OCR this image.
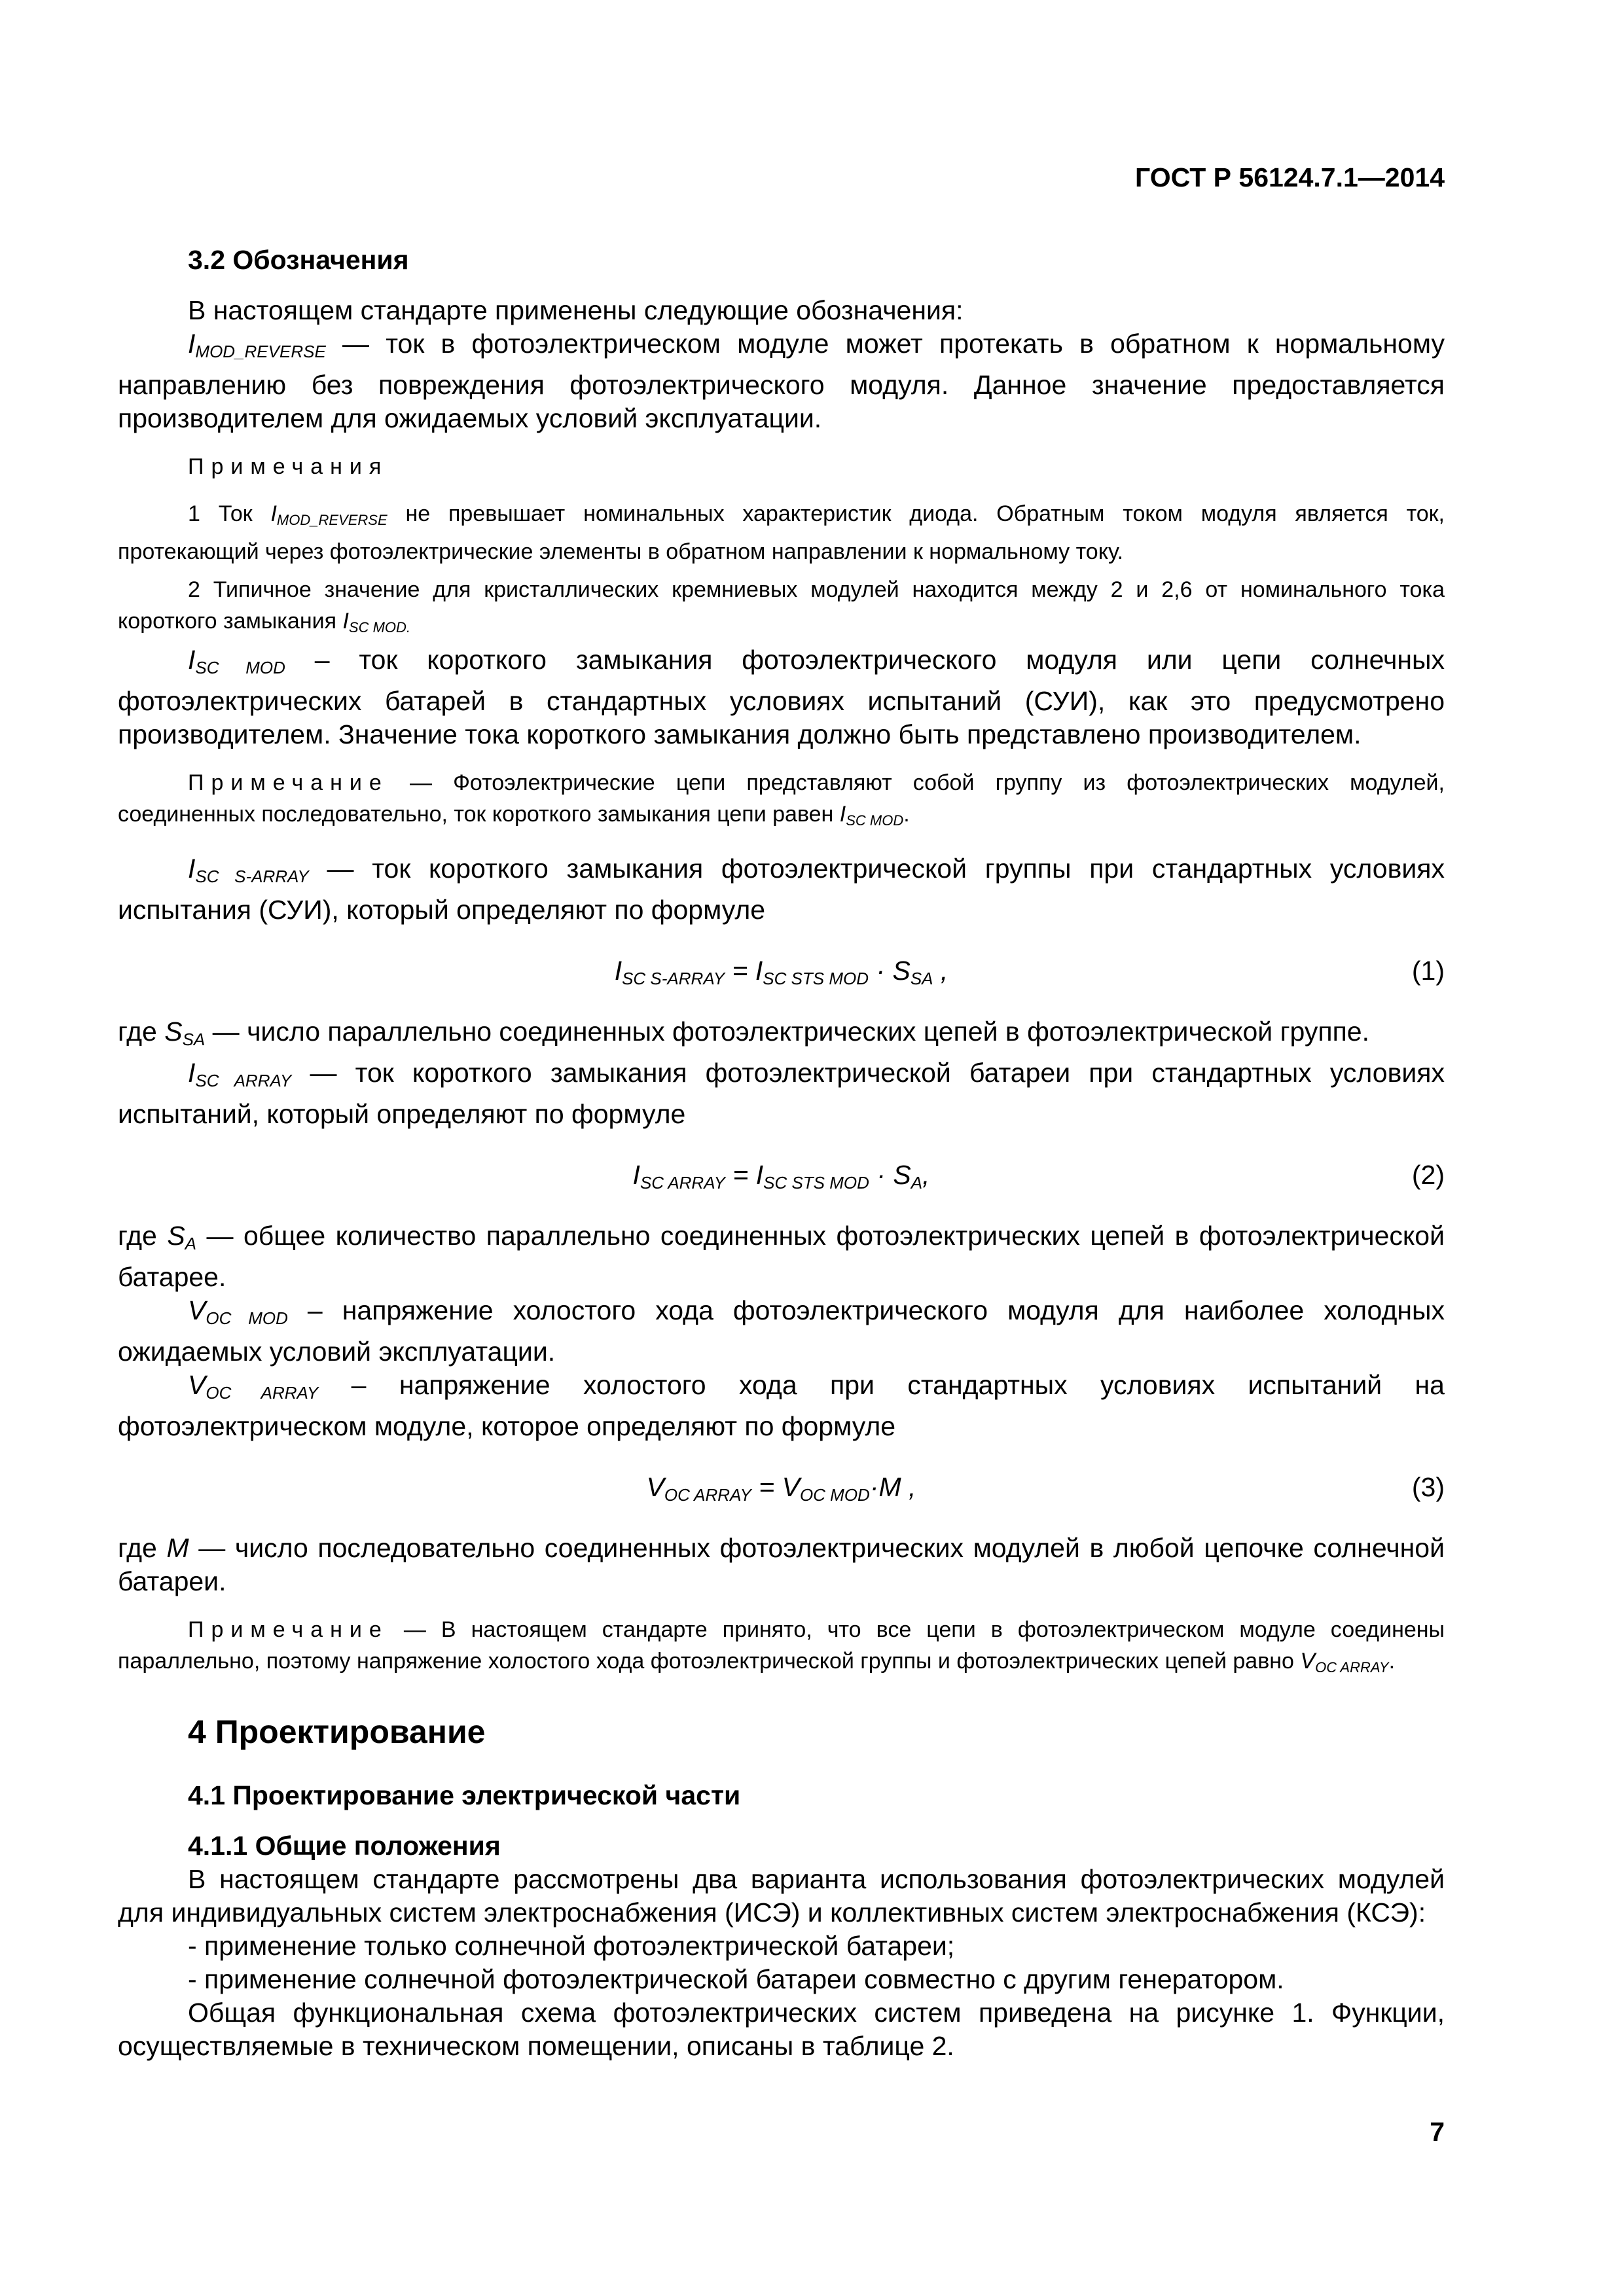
ГОСТ Р 56124.7.1—2014
3.2 Обозначения

В настоящем стандарте применены следующие обозначения:

$I_{MOD\_REVERSE}$ — ток в фотоэлектрическом модуле может протекать в обратном к нормальному направлению без повреждения фотоэлектрического модуля. Данное значение предоставляется производителем для ожидаемых условий эксплуатации.

Примечания

1 Ток $I_{MOD\_REVERSE}$ не превышает номинальных характеристик диода. Обратным током модуля является ток, протекающий через фотоэлектрические элементы в обратном направлении к нормальному току.

2 Типичное значение для кристаллических кремниевых модулей находится между 2 и 2,6 от номинального тока короткого замыкания $I_{SC MOD.}$

$I_{SC MOD}$ – ток короткого замыкания фотоэлектрического модуля или цепи солнечных фотоэлектрических батарей в стандартных условиях испытаний (СУИ), как это предусмотрено производителем. Значение тока короткого замыкания должно быть представлено производителем.

Примечание — Фотоэлектрические цепи представляют собой группу из фотоэлектрических модулей, соединенных последовательно, ток короткого замыкания цепи равен $I_{SC MOD}$.

$I_{SC S-ARRAY}$ — ток короткого замыкания фотоэлектрической группы при стандартных условиях испытания (СУИ), который определяют по формуле

$I_{SC S-ARRAY} = I_{SC STS MOD} \cdot S_{SA}$ ,	(1)

где $S_{SA}$ — число параллельно соединенных фотоэлектрических цепей в фотоэлектрической группе.

$I_{SC ARRAY}$ — ток короткого замыкания фотоэлектрической батареи при стандартных условиях испытаний, который определяют по формуле

$I_{SC ARRAY} = I_{SC STS MOD} \cdot S_A$,	(2)

где $S_A$ — общее количество параллельно соединенных фотоэлектрических цепей в фотоэлектрической батарее.

$V_{OC MOD}$ – напряжение холостого хода фотоэлектрического модуля для наиболее холодных ожидаемых условий эксплуатации.

$V_{OC ARRAY}$ – напряжение холостого хода при стандартных условиях испытаний на фотоэлектрическом модуле, которое определяют по формуле

$V_{OC ARRAY} = V_{OC MOD}\cdot M$ ,	(3)

где M — число последовательно соединенных фотоэлектрических модулей в любой цепочке солнечной батареи.

Примечание — В настоящем стандарте принято, что все цепи в фотоэлектрическом модуле соединены параллельно, поэтому напряжение холостого хода фотоэлектрической группы и фотоэлектрических цепей равно $V_{OC ARRAY}$.

4 Проектирование
4.1 Проектирование электрической части
4.1.1 Общие положения

В настоящем стандарте рассмотрены два варианта использования фотоэлектрических модулей для индивидуальных систем электроснабжения (ИСЭ) и коллективных систем электроснабжения (КСЭ):

- применение только солнечной фотоэлектрической батареи;

- применение солнечной фотоэлектрической батареи совместно с другим генератором.

Общая функциональная схема фотоэлектрических систем приведена на рисунке 1. Функции, осуществляемые в техническом помещении, описаны в таблице 2.

7
